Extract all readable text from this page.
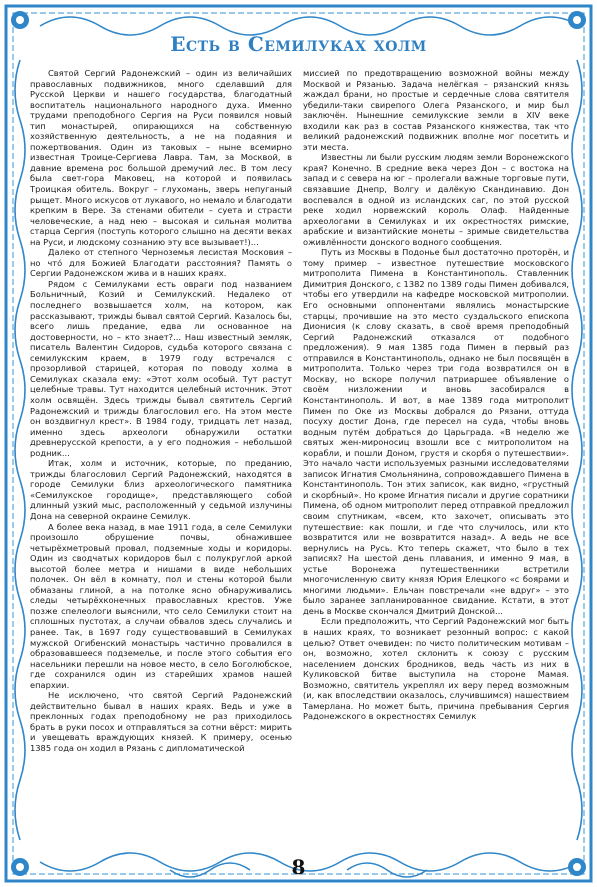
Есть в Семилуках холм

Святой Сергий Радонежский – один из величайших православных подвижников, много сделавший для Русской Церкви и нашего государства, благодатный воспитатель национального народного духа. Именно трудами преподобного Сергия на Руси появился новый тип монастырей, опирающихся на собственную хозяйственную деятельность, а не на подаяния и пожертвования. Один из таковых – ныне всемирно известная Троице-Сергиева Лавра. Там, за Москвой, в давние времена рос большой дремучий лес. В том лесу была свет-гора Маковец, на которой и появилась Троицкая обитель. Вокруг – глухомань, зверь непуганый рыщет. Много искусов от лукавого, но немало и благодати крепким в Вере. За стенами обители – суета и страсти человеческие, а над нею – высокая и сильная молитва старца Сергия (поступь которого слышно на десяти веках на Руси, и людскому сознанию эту все вызывает!)...

Далеко от степного Черноземья лесистая Московия – но что́ для Божией Благодати расстояния? Память о Сергии Радонежском жива и в наших краях.

Рядом с Семилуками есть овраги под названием Больничный, Козий и Семилукский. Недалеко от последнего возвышается холм, на котором, как рассказывают, трижды бывал святой Сергий. Казалось бы, всего лишь предание, едва ли основанное на достоверности, но – кто знает?... Наш известный земляк, писатель Валентин Сидоров, судьба которого связана с семилукским краем, в 1979 году встречался с прозорливой старицей, которая по поводу холма в Семилуках сказала ему: «Этот холм особый. Тут растут целебные травы. Тут находится целебный источник. Этот холм освящён. Здесь трижды бывал святитель Сергий Радонежский и трижды благословил его. На этом месте он воздвигнул крест». В 1984 году, тридцать лет назад, именно здесь археологи обнаружили остатки древнерусской крепости, а у его подножия – небольшой родник...

Итак, холм и источник, которые, по преданию, трижды благословил Сергий Радонежский, находятся в городе Семилуки близ археологического памятника «Семилукское городище», представляющего собой длинный узкий мыс, расположенный у седьмой излучины Дона на северной окраине Семилук.

А более века назад, в мае 1911 года, в селе Семилуки произошло обрушение почвы, обнажившее четырёхметровый провал, подземные ходы и коридоры. Один из сводчатых коридоров был с полукруглой аркой высотой более метра и нишами в виде небольших полочек. Он вёл в комнату, пол и стены которой были обмазаны глиной, а на потолке ясно обнаруживались следы четырёхконечных православных крестов. Уже позже спелеологи выяснили, что село Семилуки стоит на сплошных пустотах, а случаи обвалов здесь случались и ранее. Так, в 1697 году существовавший в Семилуках мужской Огибенский монастырь частично провалился в образовавшееся подземелье, и после этого события его насельники перешли на новое место, в село Боголюбское, где сохранился один из старейших храмов нашей епархии.

Не исключено, что святой Сергий Радонежский действительно бывал в наших краях. Ведь и уже в преклонных годах преподобному не раз приходилось брать в руки посох и отправляться за сотни вёрст: мирить и увещевать враждующих князей. К примеру, осенью 1385 года он ходил в Рязань с дипломатической

миссией по предотвращению возможной войны между Москвой и Рязанью. Задача нелёгкая – рязанский князь жаждал брани, но простые и сердечные слова святителя убедили-таки свирепого Олега Рязанского, и мир был заключён. Нынешние семилукские земли в XIV веке входили как раз в состав Рязанского княжества, так что великий радонежский подвижник вполне мог посетить и эти места.

Известны ли были русским людям земли Воронежского края? Конечно. В средние века через Дон – с востока на запад и с севера на юг – пролегали важные торговые пути, связавшие Днепр, Волгу и далёкую Скандинавию. Дон воспевался в одной из исландских саг, по этой русской реке ходил норвежский король Олаф. Найденные археологами в Семилуках и их окрестностях римские, арабские и византийские монеты – зримые свидетельства оживлённости донского водного сообщения.

Путь из Москвы в Подонье был достаточно проторён, и тому пример – известное путешествие московского митрополита Пимена в Константинополь. Ставленник Димитрия Донского, с 1382 по 1389 годы Пимен добивался, чтобы его утвердили на кафедре московской митрополии. Его основными оппонентами являлись монастырские старцы, прочившие на это место суздальского епископа Дионисия (к слову сказать, в своё время преподобный Сергий Радонежский отказался от подобного предложения). 9 мая 1385 года Пимен в первый раз отправился в Константинополь, однако не был посвящён в митрополита. Только через три года возвратился он в Москву, но вскоре получил патриаршее объявление о своём низложении и вновь засобирался в Константинополь. И вот, в мае 1389 года митрополит Пимен по Оке из Москвы добрался до Рязани, оттуда посуху достиг Дона, где пересел на суда, чтобы вновь водным путём добраться до Царьграда. «В неделю же святых жен-мироносиц взошли все с митрополитом на корабли, и пошли Доном, грустя и скорбя о путешествии». Это начало части используемых разными исследователями записок Игнатия Смольнянина, сопровождавшего Пимена в Константинополь. Тон этих записок, как видно, «грустный и скорбный». Но кроме Игнатия писали и другие соратники Пимена, об одном митрополит перед отправкой предложил своим спутникам, «всем, кто захочет, описывать это путешествие: как пошли, и где что случилось, или кто возвратится или не возвратится назад». А ведь не все вернулись на Русь. Кто теперь скажет, что было в тех записях? На шестой день плавания, и именно 9 мая, в устье Воронежа путешественники встретили многочисленную свиту князя Юрия Елецкого «с боярами и многими людьми». Ельчан повстречали «не вдруг» – это было заранее запланированное свидание. Кстати, в этот день в Москве скончался Дмитрий Донской...

Если предположить, что Сергий Радонежский мог быть в наших краях, то возникает резонный вопрос: с какой целью? Ответ очевиден: по чисто политическим мотивам – он, возможно, хотел склонить к союзу с русским населением донских бродников, ведь часть из них в Куликовской битве выступила на стороне Мамая. Возможно, святитель укреплял их веру перед возможным (и, как впоследствии оказалось, случившимся) нашествием Тамерлана. Но может быть, причина пребывания Сергия Радонежского в окрестностях Семилук

8
